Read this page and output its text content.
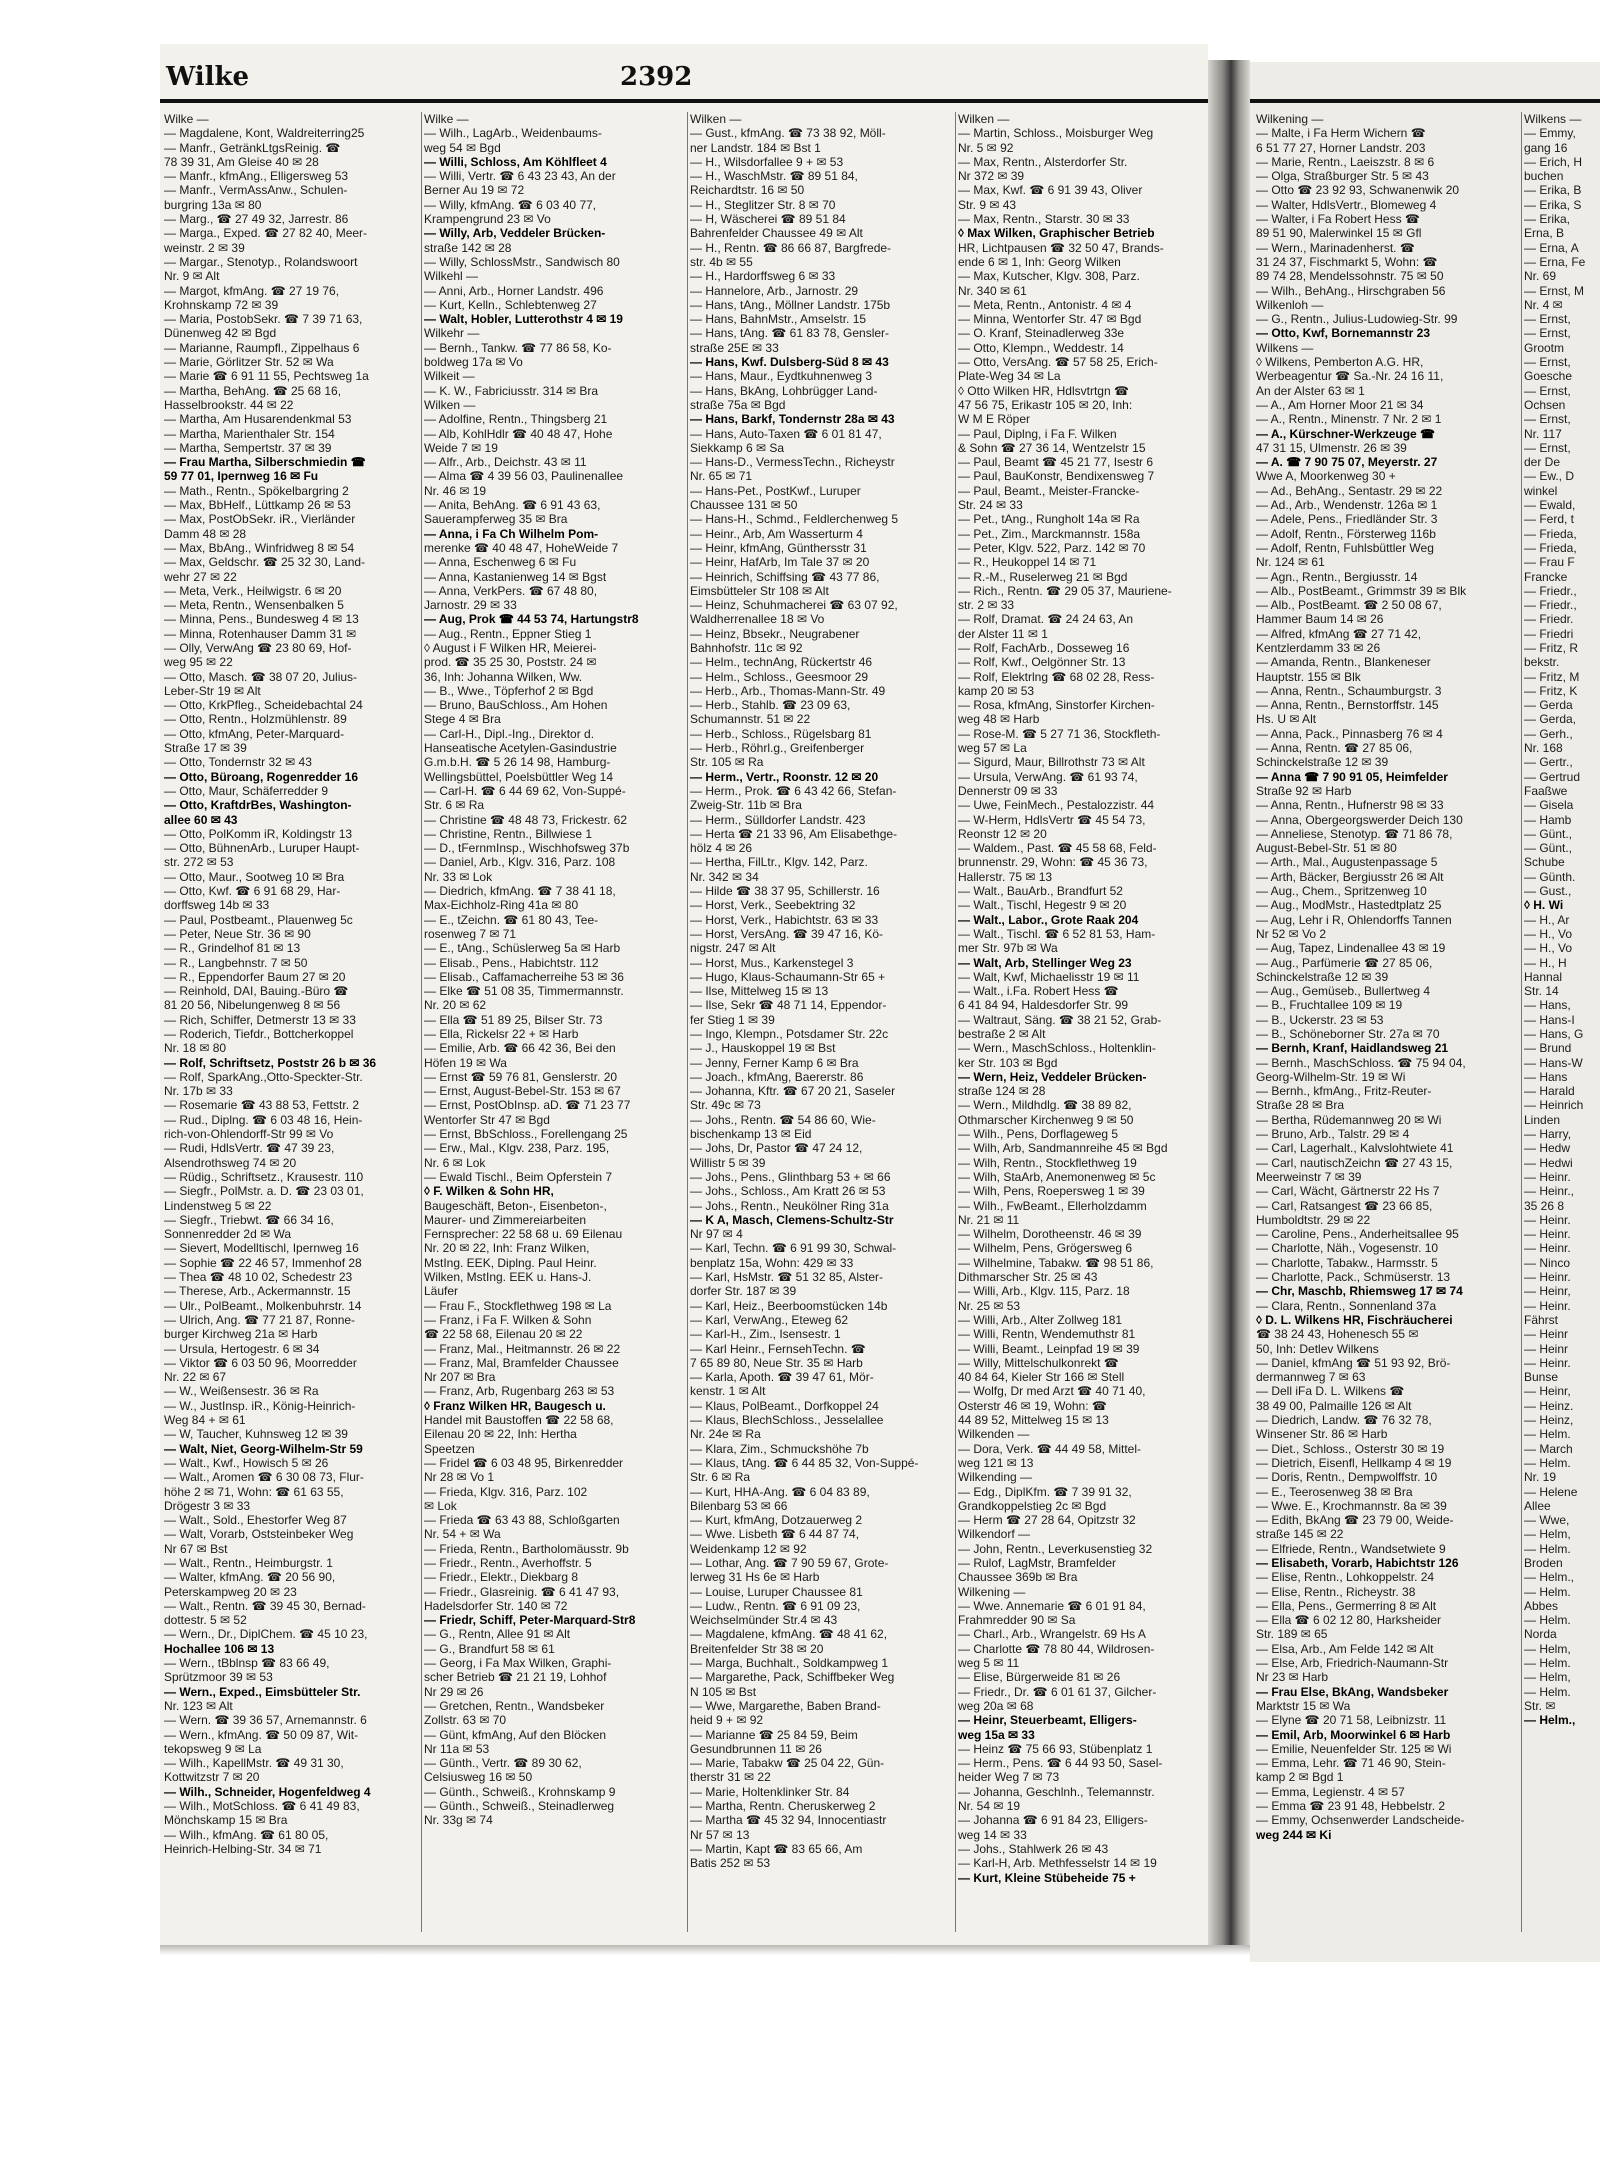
Wilke	2392
Wilke —
— Magdalene, Kont, Waldreiterring25
— Manfr., GetränkLtgsReinig. ☎
78 39 31, Am Gleise 40 ✉ 28
— Manfr., kfmAng., Elligersweg 53
— Manfr., VermAssAnw., Schulen-
burgring 13a ✉ 80
— Marg., ☎ 27 49 32, Jarrestr. 86
— Marga., Exped. ☎ 27 82 40, Meer-
weinstr. 2 ✉ 39
— Margar., Stenotyp., Rolandswoort
Nr. 9 ✉ Alt
— Margot, kfmAng. ☎ 27 19 76,
Krohnskamp 72 ✉ 39
— Maria, PostobSekr. ☎ 7 39 71 63,
Dünenweg 42 ✉ Bgd
— Marianne, Raumpfl., Zippelhaus 6
— Marie, Görlitzer Str. 52 ✉ Wa
— Marie ☎ 6 91 11 55, Pechtsweg 1a
— Martha, BehAng. ☎ 25 68 16,
Hasselbrookstr. 44 ✉ 22
— Martha, Am Husarendenkmal 53
— Martha, Marienthaler Str. 154
— Martha, Sempertstr. 37 ✉ 39
— Frau Martha, Silberschmiedin ☎
59 77 01, Ipernweg 16 ✉ Fu
— Math., Rentn., Spökelbargring 2
— Max, BbHelf., Lüttkamp 26 ✉ 53
— Max, PostObSekr. iR., Vierländer
Damm 48 ✉ 28
— Max, BbAng., Winfridweg 8 ✉ 54
— Max, Geldschr. ☎ 25 32 30, Land-
wehr 27 ✉ 22
— Meta, Verk., Heilwigstr. 6 ✉ 20
— Meta, Rentn., Wensenbalken 5
— Minna, Pens., Bundesweg 4 ✉ 13
— Minna, Rotenhauser Damm 31 ✉
— Olly, VerwAng ☎ 23 80 69, Hof-
weg 95 ✉ 22
— Otto, Masch. ☎ 38 07 20, Julius-
Leber-Str 19 ✉ Alt
— Otto, KrkPfleg., Scheidebachtal 24
— Otto, Rentn., Holzmühlenstr. 89
— Otto, kfmAng, Peter-Marquard-
Straße 17 ✉ 39
— Otto, Tondernstr 32 ✉ 43
— Otto, Büroang, Rogenredder 16
— Otto, Maur, Schäferredder 9
— Otto, KraftdrBes, Washington-
allee 60 ✉ 43
— Otto, PolKomm iR, Koldingstr 13
— Otto, BühnenArb., Luruper Haupt-
str. 272 ✉ 53
— Otto, Maur., Sootweg 10 ✉ Bra
— Otto, Kwf. ☎ 6 91 68 29, Har-
dorffsweg 14b ✉ 33
— Paul, Postbeamt., Plauenweg 5c
— Peter, Neue Str. 36 ✉ 90
— R., Grindelhof 81 ✉ 13
— R., Langbehnstr. 7 ✉ 50
— R., Eppendorfer Baum 27 ✉ 20
— Reinhold, DAI, Bauing.-Büro ☎
81 20 56, Nibelungenweg 8 ✉ 56
— Rich, Schiffer, Detmerstr 13 ✉ 33
— Roderich, Tiefdr., Bottcherkoppel
Nr. 18 ✉ 80
— Rolf, Schriftsetz, Poststr 26 b ✉ 36
— Rolf, SparkAng.,Otto-Speckter-Str.
Nr. 17b ✉ 33
— Rosemarie ☎ 43 88 53, Fettstr. 2
— Rud., Diplng. ☎ 6 03 48 16, Hein-
rich-von-Ohlendorff-Str 99 ✉ Vo
— Rudi, HdlsVertr. ☎ 47 39 23,
Alsendrothsweg 74 ✉ 20
— Rüdig., Schriftsetz., Krausestr. 110
— Siegfr., PolMstr. a. D. ☎ 23 03 01,
Lindenstweg 5 ✉ 22
— Siegfr., Triebwt. ☎ 66 34 16,
Sonnenredder 2d ✉ Wa
— Sievert, Modelltischl, Ipernweg 16
— Sophie ☎ 22 46 57, Immenhof 28
— Thea ☎ 48 10 02, Schedestr 23
— Therese, Arb., Ackermannstr. 15
— Ulr., PolBeamt., Molkenbuhrstr. 14
— Ulrich, Ang. ☎ 77 21 87, Ronne-
burger Kirchweg 21a ✉ Harb
— Ursula, Hertogestr. 6 ✉ 34
— Viktor ☎ 6 03 50 96, Moorredder
Nr. 22 ✉ 67
— W., Weißensestr. 36 ✉ Ra
— W., JustInsp. iR., König-Heinrich-
Weg 84 + ✉ 61
— W, Taucher, Kuhnsweg 12 ✉ 39
— Walt, Niet, Georg-Wilhelm-Str 59
— Walt., Kwf., Howisch 5 ✉ 26
— Walt., Aromen ☎ 6 30 08 73, Flur-
höhe 2 ✉ 71, Wohn: ☎ 61 63 55,
Drögestr 3 ✉ 33
— Walt., Sold., Ehestorfer Weg 87
— Walt, Vorarb, Oststeinbeker Weg
Nr 67 ✉ Bst
— Walt., Rentn., Heimburgstr. 1
— Walter, kfmAng. ☎ 20 56 90,
Peterskampweg 20 ✉ 23
— Walt., Rentn. ☎ 39 45 30, Bernad-
dottestr. 5 ✉ 52
— Wern., Dr., DiplChem. ☎ 45 10 23,
Hochallee 106 ✉ 13
— Wern., tBblnsp ☎ 83 66 49,
Sprützmoor 39 ✉ 53
— Wern., Exped., Eimsbütteler Str.
Nr. 123 ✉ Alt
— Wern. ☎ 39 36 57, Arnemannstr. 6
— Wern., kfmAng. ☎ 50 09 87, Wit-
tekopsweg 9 ✉ La
— Wilh., KapellMstr. ☎ 49 31 30,
Kottwitzstr 7 ✉ 20
— Wilh., Schneider, Hogenfeldweg 4
— Wilh., MotSchloss. ☎ 6 41 49 83,
Mönchskamp 15 ✉ Bra
— Wilh., kfmAng. ☎ 61 80 05,
Heinrich-Helbing-Str. 34 ✉ 71
Wilke —
— Wilh., LagArb., Weidenbaums-
weg 54 ✉ Bgd
— Willi, Schloss, Am Köhlfleet 4
— Willi, Vertr. ☎ 6 43 23 43, An der
Berner Au 19 ✉ 72
— Willy, kfmAng. ☎ 6 03 40 77,
Krampengrund 23 ✉ Vo
— Willy, Arb, Veddeler Brücken-
straße 142 ✉ 28
— Willy, SchlossMstr., Sandwisch 80
Wilkehl —
— Anni, Arb., Horner Landstr. 496
— Kurt, Kelln., Schlebtenweg 27
— Walt, Hobler, Lutterothstr 4 ✉ 19
Wilkehr —
— Bernh., Tankw. ☎ 77 86 58, Ko-
boldweg 17a ✉ Vo
Wilkeit —
— K. W., Fabriciusstr. 314 ✉ Bra
Wilken —
— Adolfine, Rentn., Thingsberg 21
— Alb, KohlHdlr ☎ 40 48 47, Hohe
Weide 7 ✉ 19
— Alfr., Arb., Deichstr. 43 ✉ 11
— Alma ☎ 4 39 56 03, Paulinenallee
Nr. 46 ✉ 19
— Anita, BehAng. ☎ 6 91 43 63,
Sauerampferweg 35 ✉ Bra
— Anna, i Fa Ch Wilhelm Pom-
merenke ☎ 40 48 47, HoheWeide 7
— Anna, Eschenweg 6 ✉ Fu
— Anna, Kastanienweg 14 ✉ Bgst
— Anna, VerkPers. ☎ 67 48 80,
Jarnostr. 29 ✉ 33
— Aug, Prok ☎ 44 53 74, Hartungstr8
— Aug., Rentn., Eppner Stieg 1
◊ August i F Wilken HR, Meierei-
prod. ☎ 35 25 30, Poststr. 24 ✉
36, Inh: Johanna Wilken, Ww.
— B., Wwe., Töpferhof 2 ✉ Bgd
— Bruno, BauSchloss., Am Hohen
Stege 4 ✉ Bra
— Carl-H., Dipl.-Ing., Direktor d.
Hanseatische Acetylen-Gasindustrie
G.m.b.H. ☎ 5 26 14 98, Hamburg-
Wellingsbüttel, Poelsbüttler Weg 14
— Carl-H. ☎ 6 44 69 62, Von-Suppé-
Str. 6 ✉ Ra
— Christine ☎ 48 48 73, Frickestr. 62
— Christine, Rentn., Billwiese 1
— D., tFernmInsp., Wischhofsweg 37b
— Daniel, Arb., Klgv. 316, Parz. 108
Nr. 33 ✉ Lok
— Diedrich, kfmAng. ☎ 7 38 41 18,
Max-Eichholz-Ring 41a ✉ 80
— E., tZeichn. ☎ 61 80 43, Tee-
rosenweg 7 ✉ 71
— E., tAng., Schüslerweg 5a ✉ Harb
— Elisab., Pens., Habichtstr. 112
— Elisab., Caffamacherreihe 53 ✉ 36
— Elke ☎ 51 08 35, Timmermannstr.
Nr. 20 ✉ 62
— Ella ☎ 51 89 25, Bilser Str. 73
— Ella, Rickelsr 22 + ✉ Harb
— Emilie, Arb. ☎ 66 42 36, Bei den
Höfen 19 ✉ Wa
— Ernst ☎ 59 76 81, Genslerstr. 20
— Ernst, August-Bebel-Str. 153 ✉ 67
— Ernst, PostObInsp. aD. ☎ 71 23 77
Wentorfer Str 47 ✉ Bgd
— Ernst, BbSchloss., Forellengang 25
— Erw., Mal., Klgv. 238, Parz. 195,
Nr. 6 ✉ Lok
— Ewald Tischl., Beim Opferstein 7
◊ F. Wilken & Sohn HR,
Baugeschäft, Beton-, Eisenbeton-,
Maurer- und Zimmereiarbeiten
Fernsprecher: 22 58 68 u. 69 Eilenau
Nr. 20 ✉ 22, Inh: Franz Wilken,
MstIng. EEK, Diplng. Paul Heinr.
Wilken, MstIng. EEK u. Hans-J.
Läufer
— Frau F., Stockflethweg 198 ✉ La
— Franz, i Fa F. Wilken & Sohn
☎ 22 58 68, Eilenau 20 ✉ 22
— Franz, Mal., Heitmannstr. 26 ✉ 22
— Franz, Mal, Bramfelder Chaussee
Nr 207 ✉ Bra
— Franz, Arb, Rugenbarg 263 ✉ 53
◊ Franz Wilken HR, Baugesch u.
Handel mit Baustoffen ☎ 22 58 68,
Eilenau 20 ✉ 22, Inh: Hertha
Speetzen
— Fridel ☎ 6 03 48 95, Birkenredder
Nr 28 ✉ Vo 1
— Frieda, Klgv. 316, Parz. 102
✉ Lok
— Frieda ☎ 63 43 88, Schloßgarten
Nr. 54 + ✉ Wa
— Frieda, Rentn., Bartholomäusstr. 9b
— Friedr., Rentn., Averhoffstr. 5
— Friedr., Elektr., Diekbarg 8
— Friedr., Glasreinig. ☎ 6 41 47 93,
Hadelsdorfer Str. 140 ✉ 72
— Friedr, Schiff, Peter-Marquard-Str8
— G., Rentn, Allee 91 ✉ Alt
— G., Brandfurt 58 ✉ 61
— Georg, i Fa Max Wilken, Graphi-
scher Betrieb ☎ 21 21 19, Lohhof
Nr 29 ✉ 26
— Gretchen, Rentn., Wandsbeker
Zollstr. 63 ✉ 70
— Günt, kfmAng, Auf den Blöcken
Nr 11a ✉ 53
— Günth., Vertr. ☎ 89 30 62,
Celsiusweg 16 ✉ 50
— Günth., Schweiß., Krohnskamp 9
— Günth., Schweiß., Steinadlerweg
Nr. 33g ✉ 74
Wilken —
— Gust., kfmAng. ☎ 73 38 92, Möll-
ner Landstr. 184 ✉ Bst 1
— H., Wilsdorfallee 9 + ✉ 53
— H., WaschMstr. ☎ 89 51 84,
Reichardtstr. 16 ✉ 50
— H., Steglitzer Str. 8 ✉ 70
— H, Wäscherei ☎ 89 51 84
Bahrenfelder Chaussee 49 ✉ Alt
— H., Rentn. ☎ 86 66 87, Bargfrede-
str. 4b ✉ 55
— H., Hardorffsweg 6 ✉ 33
— Hannelore, Arb., Jarnostr. 29
— Hans, tAng., Möllner Landstr. 175b
— Hans, BahnMstr., Amselstr. 15
— Hans, tAng. ☎ 61 83 78, Gensler-
straße 25E ✉ 33
— Hans, Kwf. Dulsberg-Süd 8 ✉ 43
— Hans, Maur., Eydtkuhnenweg 3
— Hans, BkAng, Lohbrügger Land-
straße 75a ✉ Bgd
— Hans, Barkf, Tondernstr 28a ✉ 43
— Hans, Auto-Taxen ☎ 6 01 81 47,
Siekkamp 6 ✉ Sa
— Hans-D., VermessTechn., Richeystr
Nr. 65 ✉ 71
— Hans-Pet., PostKwf., Luruper
Chaussee 131 ✉ 50
— Hans-H., Schmd., Feldlerchenweg 5
— Heinr., Arb, Am Wasserturm 4
— Heinr, kfmAng, Günthersstr 31
— Heinr, HafArb, Im Tale 37 ✉ 20
— Heinrich, Schiffsing ☎ 43 77 86,
Eimsbütteler Str 108 ✉ Alt
— Heinz, Schuhmacherei ☎ 63 07 92,
Waldherrenallee 18 ✉ Vo
— Heinz, Bbsekr., Neugrabener
Bahnhofstr. 11c ✉ 92
— Helm., technAng, Rückertstr 46
— Helm., Schloss., Geesmoor 29
— Herb., Arb., Thomas-Mann-Str. 49
— Herb., Stahlb. ☎ 23 09 63,
Schumannstr. 51 ✉ 22
— Herb., Schloss., Rügelsbarg 81
— Herb., Röhrl.g., Greifenberger
Str. 105 ✉ Ra
— Herm., Vertr., Roonstr. 12 ✉ 20
— Herm., Prok. ☎ 6 43 42 66, Stefan-
Zweig-Str. 11b ✉ Bra
— Herm., Sülldorfer Landstr. 423
— Herta ☎ 21 33 96, Am Elisabethge-
hölz 4 ✉ 26
— Hertha, FilLtr., Klgv. 142, Parz.
Nr. 342 ✉ 34
— Hilde ☎ 38 37 95, Schillerstr. 16
— Horst, Verk., Seebektring 32
— Horst, Verk., Habichtstr. 63 ✉ 33
— Horst, VersAng. ☎ 39 47 16, Kö-
nigstr. 247 ✉ Alt
— Horst, Mus., Karkenstegel 3
— Hugo, Klaus-Schaumann-Str 65 +
— Ilse, Mittelweg 15 ✉ 13
— Ilse, Sekr ☎ 48 71 14, Eppendor-
fer Stieg 1 ✉ 39
— Ingo, Klempn., Potsdamer Str. 22c
— J., Hauskoppel 19 ✉ Bst
— Jenny, Ferner Kamp 6 ✉ Bra
— Joach., kfmAng, Baererstr. 86
— Johanna, Kftr. ☎ 67 20 21, Saseler
Str. 49c ✉ 73
— Johs., Rentn. ☎ 54 86 60, Wie-
bischenkamp 13 ✉ Eid
— Johs, Dr, Pastor ☎ 47 24 12,
Willistr 5 ✉ 39
— Johs., Pens., Glinthbarg 53 + ✉ 66
— Johs., Schloss., Am Kratt 26 ✉ 53
— Johs., Rentn., Neukölner Ring 31a
— K A, Masch, Clemens-Schultz-Str
Nr 97 ✉ 4
— Karl, Techn. ☎ 6 91 99 30, Schwal-
benplatz 15a, Wohn: 429 ✉ 33
— Karl, HsMstr. ☎ 51 32 85, Alster-
dorfer Str. 187 ✉ 39
— Karl, Heiz., Beerboomstücken 14b
— Karl, VerwAng., Eteweg 62
— Karl-H., Zim., Isensestr. 1
— Karl Heinr., FernsehTechn. ☎
7 65 89 80, Neue Str. 35 ✉ Harb
— Karla, Apoth. ☎ 39 47 61, Mör-
kenstr. 1 ✉ Alt
— Klaus, PolBeamt., Dorfkoppel 24
— Klaus, BlechSchloss., Jesselallee
Nr. 24e ✉ Ra
— Klara, Zim., Schmuckshöhe 7b
— Klaus, tAng. ☎ 6 44 85 32, Von-Suppé-
Str. 6 ✉ Ra
— Kurt, HHA-Ang. ☎ 6 04 83 89,
Bilenbarg 53 ✉ 66
— Kurt, kfmAng, Dotzauerweg 2
— Wwe. Lisbeth ☎ 6 44 87 74,
Weidenkamp 12 ✉ 92
— Lothar, Ang. ☎ 7 90 59 67, Grote-
lerweg 31 Hs 6e ✉ Harb
— Louise, Luruper Chaussee 81
— Ludw., Rentn. ☎ 6 91 09 23,
Weichselmünder Str.4 ✉ 43
— Magdalene, kfmAng. ☎ 48 41 62,
Breitenfelder Str 38 ✉ 20
— Marga, Buchhalt., Soldkampweg 1
— Margarethe, Pack, Schiffbeker Weg
N 105 ✉ Bst
— Wwe, Margarethe, Baben Brand-
heid 9 + ✉ 92
— Marianne ☎ 25 84 59, Beim
Gesundbrunnen 11 ✉ 26
— Marie, Tabakw ☎ 25 04 22, Gün-
therstr 31 ✉ 22
— Marie, Holtenklinker Str. 84
— Martha, Rentn. Cheruskerweg 2
— Martha ☎ 45 32 94, Innocentiastr
Nr 57 ✉ 13
— Martin, Kapt ☎ 83 65 66, Am
Batis 252 ✉ 53
Wilken —
— Martin, Schloss., Moisburger Weg
Nr. 5 ✉ 92
— Max, Rentn., Alsterdorfer Str.
Nr 372 ✉ 39
— Max, Kwf. ☎ 6 91 39 43, Oliver
Str. 9 ✉ 43
— Max, Rentn., Starstr. 30 ✉ 33
◊ Max Wilken, Graphischer Betrieb
HR, Lichtpausen ☎ 32 50 47, Brands-
ende 6 ✉ 1, Inh: Georg Wilken
— Max, Kutscher, Klgv. 308, Parz.
Nr. 340 ✉ 61
— Meta, Rentn., Antonistr. 4 ✉ 4
— Minna, Wentorfer Str. 47 ✉ Bgd
— O. Kranf, Steinadlerweg 33e
— Otto, Klempn., Weddestr. 14
— Otto, VersAng. ☎ 57 58 25, Erich-
Plate-Weg 34 ✉ La
◊ Otto Wilken HR, Hdlsvtrtgn ☎
47 56 75, Erikastr 105 ✉ 20, Inh:
W M E Röper
— Paul, Diplng, i Fa F. Wilken
& Sohn ☎ 27 36 14, Wentzelstr 15
— Paul, Beamt ☎ 45 21 77, Isestr 6
— Paul, BauKonstr, Bendixensweg 7
— Paul, Beamt., Meister-Francke-
Str. 24 ✉ 33
— Pet., tAng., Rungholt 14a ✉ Ra
— Pet., Zim., Marckmannstr. 158a
— Peter, Klgv. 522, Parz. 142 ✉ 70
— R., Heukoppel 14 ✉ 71
— R.-M., Ruselerweg 21 ✉ Bgd
— Rich., Rentn. ☎ 29 05 37, Mauriene-
str. 2 ✉ 33
— Rolf, Dramat. ☎ 24 24 63, An
der Alster 11 ✉ 1
— Rolf, FachArb., Dosseweg 16
— Rolf, Kwf., Oelgönner Str. 13
— Rolf, Elektrlng ☎ 68 02 28, Ress-
kamp 20 ✉ 53
— Rosa, kfmAng, Sinstorfer Kirchen-
weg 48 ✉ Harb
— Rose-M. ☎ 5 27 71 36, Stockfleth-
weg 57 ✉ La
— Sigurd, Maur, Billrothstr 73 ✉ Alt
— Ursula, VerwAng. ☎ 61 93 74,
Dennerstr 09 ✉ 33
— Uwe, FeinMech., Pestalozzistr. 44
— W-Herm, HdlsVertr ☎ 45 54 73,
Reonstr 12 ✉ 20
— Waldem., Past. ☎ 45 58 68, Feld-
brunnenstr. 29, Wohn: ☎ 45 36 73,
Hallerstr. 75 ✉ 13
— Walt., BauArb., Brandfurt 52
— Walt., Tischl, Hegestr 9 ✉ 20
— Walt., Labor., Grote Raak 204
— Walt., Tischl. ☎ 6 52 81 53, Ham-
mer Str. 97b ✉ Wa
— Walt, Arb, Stellinger Weg 23
— Walt, Kwf, Michaelisstr 19 ✉ 11
— Walt., i.Fa. Robert Hess ☎
6 41 84 94, Haldesdorfer Str. 99
— Waltraut, Säng. ☎ 38 21 52, Grab-
bestraße 2 ✉ Alt
— Wern., MaschSchloss., Holtenklin-
ker Str. 103 ✉ Bgd
— Wern, Heiz, Veddeler Brücken-
straße 124 ✉ 28
— Wern., Mildhdlg. ☎ 38 89 82,
Othmarscher Kirchenweg 9 ✉ 50
— Wilh., Pens, Dorflageweg 5
— Wilh, Arb, Sandmannreihe 45 ✉ Bgd
— Wilh, Rentn., Stockflethweg 19
— Wilh, StaArb, Anemonenweg ✉ 5c
— Wilh, Pens, Roepersweg 1 ✉ 39
— Wilh., FwBeamt., Ellerholzdamm
Nr. 21 ✉ 11
— Wilhelm, Dorotheenstr. 46 ✉ 39
— Wilhelm, Pens, Grögersweg 6
— Wilhelmine, Tabakw. ☎ 98 51 86,
Dithmarscher Str. 25 ✉ 43
— Willi, Arb., Klgv. 115, Parz. 18
Nr. 25 ✉ 53
— Willi, Arb., Alter Zollweg 181
— Willi, Rentn, Wendemuthstr 81
— Willi, Beamt., Leinpfad 19 ✉ 39
— Willy, Mittelschulkonrekt ☎
40 84 64, Kieler Str 166 ✉ Stell
— Wolfg, Dr med Arzt ☎ 40 71 40,
Osterstr 46 ✉ 19, Wohn: ☎
44 89 52, Mittelweg 15 ✉ 13
Wilkenden —
— Dora, Verk. ☎ 44 49 58, Mittel-
weg 121 ✉ 13
Wilkending —
— Edg., DiplKfm. ☎ 7 39 91 32,
Grandkoppelstieg 2c ✉ Bgd
— Herm ☎ 27 28 64, Opitzstr 32
Wilkendorf —
— John, Rentn., Leverkusenstieg 32
— Rulof, LagMstr, Bramfelder
Chaussee 369b ✉ Bra
Wilkening —
— Wwe. Annemarie ☎ 6 01 91 84,
Frahmredder 90 ✉ Sa
— Charl., Arb., Wrangelstr. 69 Hs A
— Charlotte ☎ 78 80 44, Wildrosen-
weg 5 ✉ 11
— Elise, Bürgerweide 81 ✉ 26
— Friedr., Dr. ☎ 6 01 61 37, Gilcher-
weg 20a ✉ 68
— Heinr, Steuerbeamt, Elligers-
weg 15a ✉ 33
— Heinz ☎ 75 66 93, Stübenplatz 1
— Herm., Pens. ☎ 6 44 93 50, Sasel-
heider Weg 7 ✉ 73
— Johanna, Geschlnh., Telemannstr.
Nr. 54 ✉ 19
— Johanna ☎ 6 91 84 23, Elligers-
weg 14 ✉ 33
— Johs., Stahlwerk 26 ✉ 43
— Karl-H, Arb. Methfesselstr 14 ✉ 19
— Kurt, Kleine Stübeheide 75 +
Wilkening —
— Malte, i Fa Herm Wichern ☎
6 51 77 27, Horner Landstr. 203
— Marie, Rentn., Laeiszstr. 8 ✉ 6
— Olga, Straßburger Str. 5 ✉ 43
— Otto ☎ 23 92 93, Schwanenwik 20
— Walter, HdlsVertr., Blomeweg 4
— Walter, i Fa Robert Hess ☎
89 51 90, Malerwinkel 15 ✉ Gfl
— Wern., Marinadenherst. ☎
31 24 37, Fischmarkt 5, Wohn: ☎
89 74 28, Mendelssohnstr. 75 ✉ 50
— Wilh., BehAng., Hirschgraben 56
Wilkenloh —
— G., Rentn., Julius-Ludowieg-Str. 99
— Otto, Kwf, Bornemannstr 23
Wilkens —
◊ Wilkens, Pemberton A.G. HR,
Werbeagentur ☎ Sa.-Nr. 24 16 11,
An der Alster 63 ✉ 1
— A., Am Horner Moor 21 ✉ 34
— A., Rentn., Minenstr. 7 Nr. 2 ✉ 1
— A., Kürschner-Werkzeuge ☎
47 31 15, Ulmenstr. 26 ✉ 39
— A. ☎ 7 90 75 07, Meyerstr. 27
Wwe A, Moorkenweg 30 +
— Ad., BehAng., Sentastr. 29 ✉ 22
— Ad., Arb., Wendenstr. 126a ✉ 1
— Adele, Pens., Friedländer Str. 3
— Adolf, Rentn., Försterweg 116b
— Adolf, Rentn, Fuhlsbüttler Weg
Nr. 124 ✉ 61
— Agn., Rentn., Bergiusstr. 14
— Alb., PostBeamt., Grimmstr 39 ✉ Blk
— Alb., PostBeamt. ☎ 2 50 08 67,
Hammer Baum 14 ✉ 26
— Alfred, kfmAng ☎ 27 71 42,
Kentzlerdamm 33 ✉ 26
— Amanda, Rentn., Blankeneser
Hauptstr. 155 ✉ Blk
— Anna, Rentn., Schaumburgstr. 3
— Anna, Rentn., Bernstorffstr. 145
Hs. U ✉ Alt
— Anna, Pack., Pinnasberg 76 ✉ 4
— Anna, Rentn. ☎ 27 85 06,
Schinckelstraße 12 ✉ 39
— Anna ☎ 7 90 91 05, Heimfelder
Straße 92 ✉ Harb
— Anna, Rentn., Hufnerstr 98 ✉ 33
— Anna, Obergeorgswerder Deich 130
— Anneliese, Stenotyp. ☎ 71 86 78,
August-Bebel-Str. 51 ✉ 80
— Arth., Mal., Augustenpassage 5
— Arth, Bäcker, Bergiusstr 26 ✉ Alt
— Aug., Chem., Spritzenweg 10
— Aug., ModMstr., Hastedtplatz 25
— Aug, Lehr i R, Ohlendorffs Tannen
Nr 52 ✉ Vo 2
— Aug, Tapez, Lindenallee 43 ✉ 19
— Aug., Parfümerie ☎ 27 85 06,
Schinckelstraße 12 ✉ 39
— Aug., Gemüseb., Bullertweg 4
— B., Fruchtallee 109 ✉ 19
— B., Uckerstr. 23 ✉ 53
— B., Schöneborner Str. 27a ✉ 70
— Bernh, Kranf, Haidlandsweg 21
— Bernh., MaschSchloss. ☎ 75 94 04,
Georg-Wilhelm-Str. 19 ✉ Wi
— Bernh., kfmAng., Fritz-Reuter-
Straße 28 ✉ Bra
— Bertha, Rüdemannweg 20 ✉ Wi
— Bruno, Arb., Talstr. 29 ✉ 4
— Carl, Lagerhalt., Kalvslohtwiete 41
— Carl, nautischZeichn ☎ 27 43 15,
Meerweinstr 7 ✉ 39
— Carl, Wächt, Gärtnerstr 22 Hs 7
— Carl, Ratsangest ☎ 23 66 85,
Humboldtstr. 29 ✉ 22
— Caroline, Pens., Anderheitsallee 95
— Charlotte, Näh., Vogesenstr. 10
— Charlotte, Tabakw., Harmsstr. 5
— Charlotte, Pack., Schmüserstr. 13
— Chr, Maschb, Rhiemsweg 17 ✉ 74
— Clara, Rentn., Sonnenland 37a
◊ D. L. Wilkens HR, Fischräucherei
☎ 38 24 43, Hohenesch 55 ✉
50, Inh: Detlev Wilkens
— Daniel, kfmAng ☎ 51 93 92, Brö-
dermannweg 7 ✉ 63
— Dell iFa D. L. Wilkens ☎
38 49 00, Palmaille 126 ✉ Alt
— Diedrich, Landw. ☎ 76 32 78,
Winsener Str. 86 ✉ Harb
— Diet., Schloss., Osterstr 30 ✉ 19
— Dietrich, Eisenfl, Hellkamp 4 ✉ 19
— Doris, Rentn., Dempwolffstr. 10
— E., Teerosenweg 38 ✉ Bra
— Wwe. E., Krochmannstr. 8a ✉ 39
— Edith, BkAng ☎ 23 79 00, Weide-
straße 145 ✉ 22
— Elfriede, Rentn., Wandsetwiete 9
— Elisabeth, Vorarb, Habichtstr 126
— Elise, Rentn., Lohkoppelstr. 24
— Elise, Rentn., Richeystr. 38
— Ella, Pens., Germerring 8 ✉ Alt
— Ella ☎ 6 02 12 80, Harksheider
Str. 189 ✉ 65
— Elsa, Arb., Am Felde 142 ✉ Alt
— Else, Arb, Friedrich-Naumann-Str
Nr 23 ✉ Harb
— Frau Else, BkAng, Wandsbeker
Marktstr 15 ✉ Wa
— Elyne ☎ 20 71 58, Leibnizstr. 11
— Emil, Arb, Moorwinkel 6 ✉ Harb
— Emilie, Neuenfelder Str. 125 ✉ Wi
— Emma, Lehr. ☎ 71 46 90, Stein-
kamp 2 ✉ Bgd 1
— Emma, Legienstr. 4 ✉ 57
— Emma ☎ 23 91 48, Hebbelstr. 2
— Emmy, Ochsenwerder Landscheide-
weg 244 ✉ Ki
Wilkens —
— Emmy,
gang 16
— Erich, H
buchen
— Erika, B
— Erika, S
— Erika,
Erna, B
— Erna, A
— Erna, Fe
Nr. 69
— Ernst, M
Nr. 4 ✉
— Ernst,
— Ernst,
Grootm
— Ernst,
Goesche
— Ernst,
Ochsen
— Ernst,
Nr. 117
— Ernst,
der De
— Ew., D
winkel
— Ewald,
— Ferd, t
— Frieda,
— Frieda,
— Frau F
Francke
— Friedr.,
— Friedr.,
— Friedr.
— Friedri
— Fritz, R
bekstr.
— Fritz, M
— Fritz, K
— Gerda
— Gerda,
— Gerh.,
Nr. 168
— Gertr.,
— Gertrud
Faaßwe
— Gisela
— Hamb
— Günt.,
— Günt.,
Schube
— Günth.
— Gust.,
◊ H. Wi
— H., Ar
— H., Vo
— H., Vo
— H., H
Hannal
Str. 14
— Hans,
— Hans-I
— Hans, G
— Brund
— Hans-W
— Hans
— Harald
— Heinrich
Linden
— Harry,
— Hedw
— Hedwi
— Heinr.
— Heinr.,
35 26 8
— Heinr.
— Heinr.
— Heinr.
— Ninco
— Heinr.
— Heinr,
— Heinr.
Fährst
— Heinr
— Heinr
— Heinr.
Bunse
— Heinr,
— Heinz.
— Heinz,
— Helm.
— March
— Helm.
Nr. 19
— Helene
Allee
— Wwe,
— Helm,
— Helm.
Broden
— Helm.,
— Helm.
Abbes
— Helm.
Norda
— Helm,
— Helm.
— Helm,
— Helm.
Str. ✉
— Helm.,
